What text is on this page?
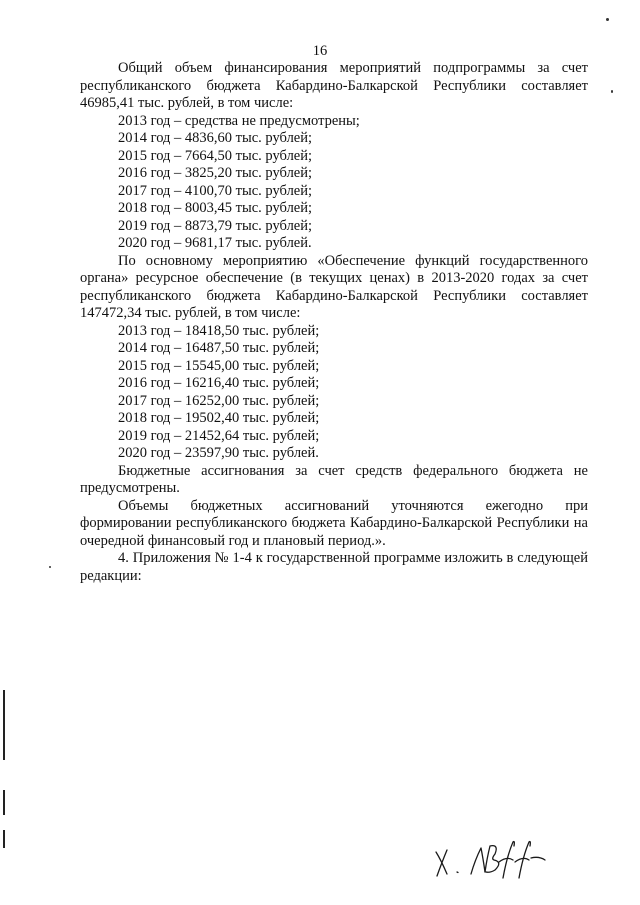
16

Общий объем финансирования мероприятий подпрограммы за счет республиканского бюджета Кабардино-Балкарской Республики составляет 46985,41 тыс. рублей, в том числе:

2013 год – средства не предусмотрены;
2014 год – 4836,60 тыс. рублей;
2015 год – 7664,50 тыс. рублей;
2016 год – 3825,20 тыс. рублей;
2017 год – 4100,70 тыс. рублей;
2018 год – 8003,45 тыс. рублей;
2019 год – 8873,79 тыс. рублей;
2020 год – 9681,17 тыс. рублей.

По основному мероприятию «Обеспечение функций государственного органа» ресурсное обеспечение (в текущих ценах) в 2013-2020 годах за счет республиканского бюджета Кабардино-Балкарской Республики составляет 147472,34 тыс. рублей, в том числе:

2013 год – 18418,50 тыс. рублей;
2014 год – 16487,50 тыс. рублей;
2015 год – 15545,00 тыс. рублей;
2016 год – 16216,40 тыс. рублей;
2017 год – 16252,00 тыс. рублей;
2018 год – 19502,40 тыс. рублей;
2019 год – 21452,64 тыс. рублей;
2020 год – 23597,90 тыс. рублей.

Бюджетные ассигнования за счет средств федерального бюджета не предусмотрены.

Объемы бюджетных ассигнований уточняются ежегодно при формировании республиканского бюджета Кабардино-Балкарской Республики на очередной финансовый год и плановый период.».

4. Приложения № 1-4 к государственной программе изложить в следующей редакции:
